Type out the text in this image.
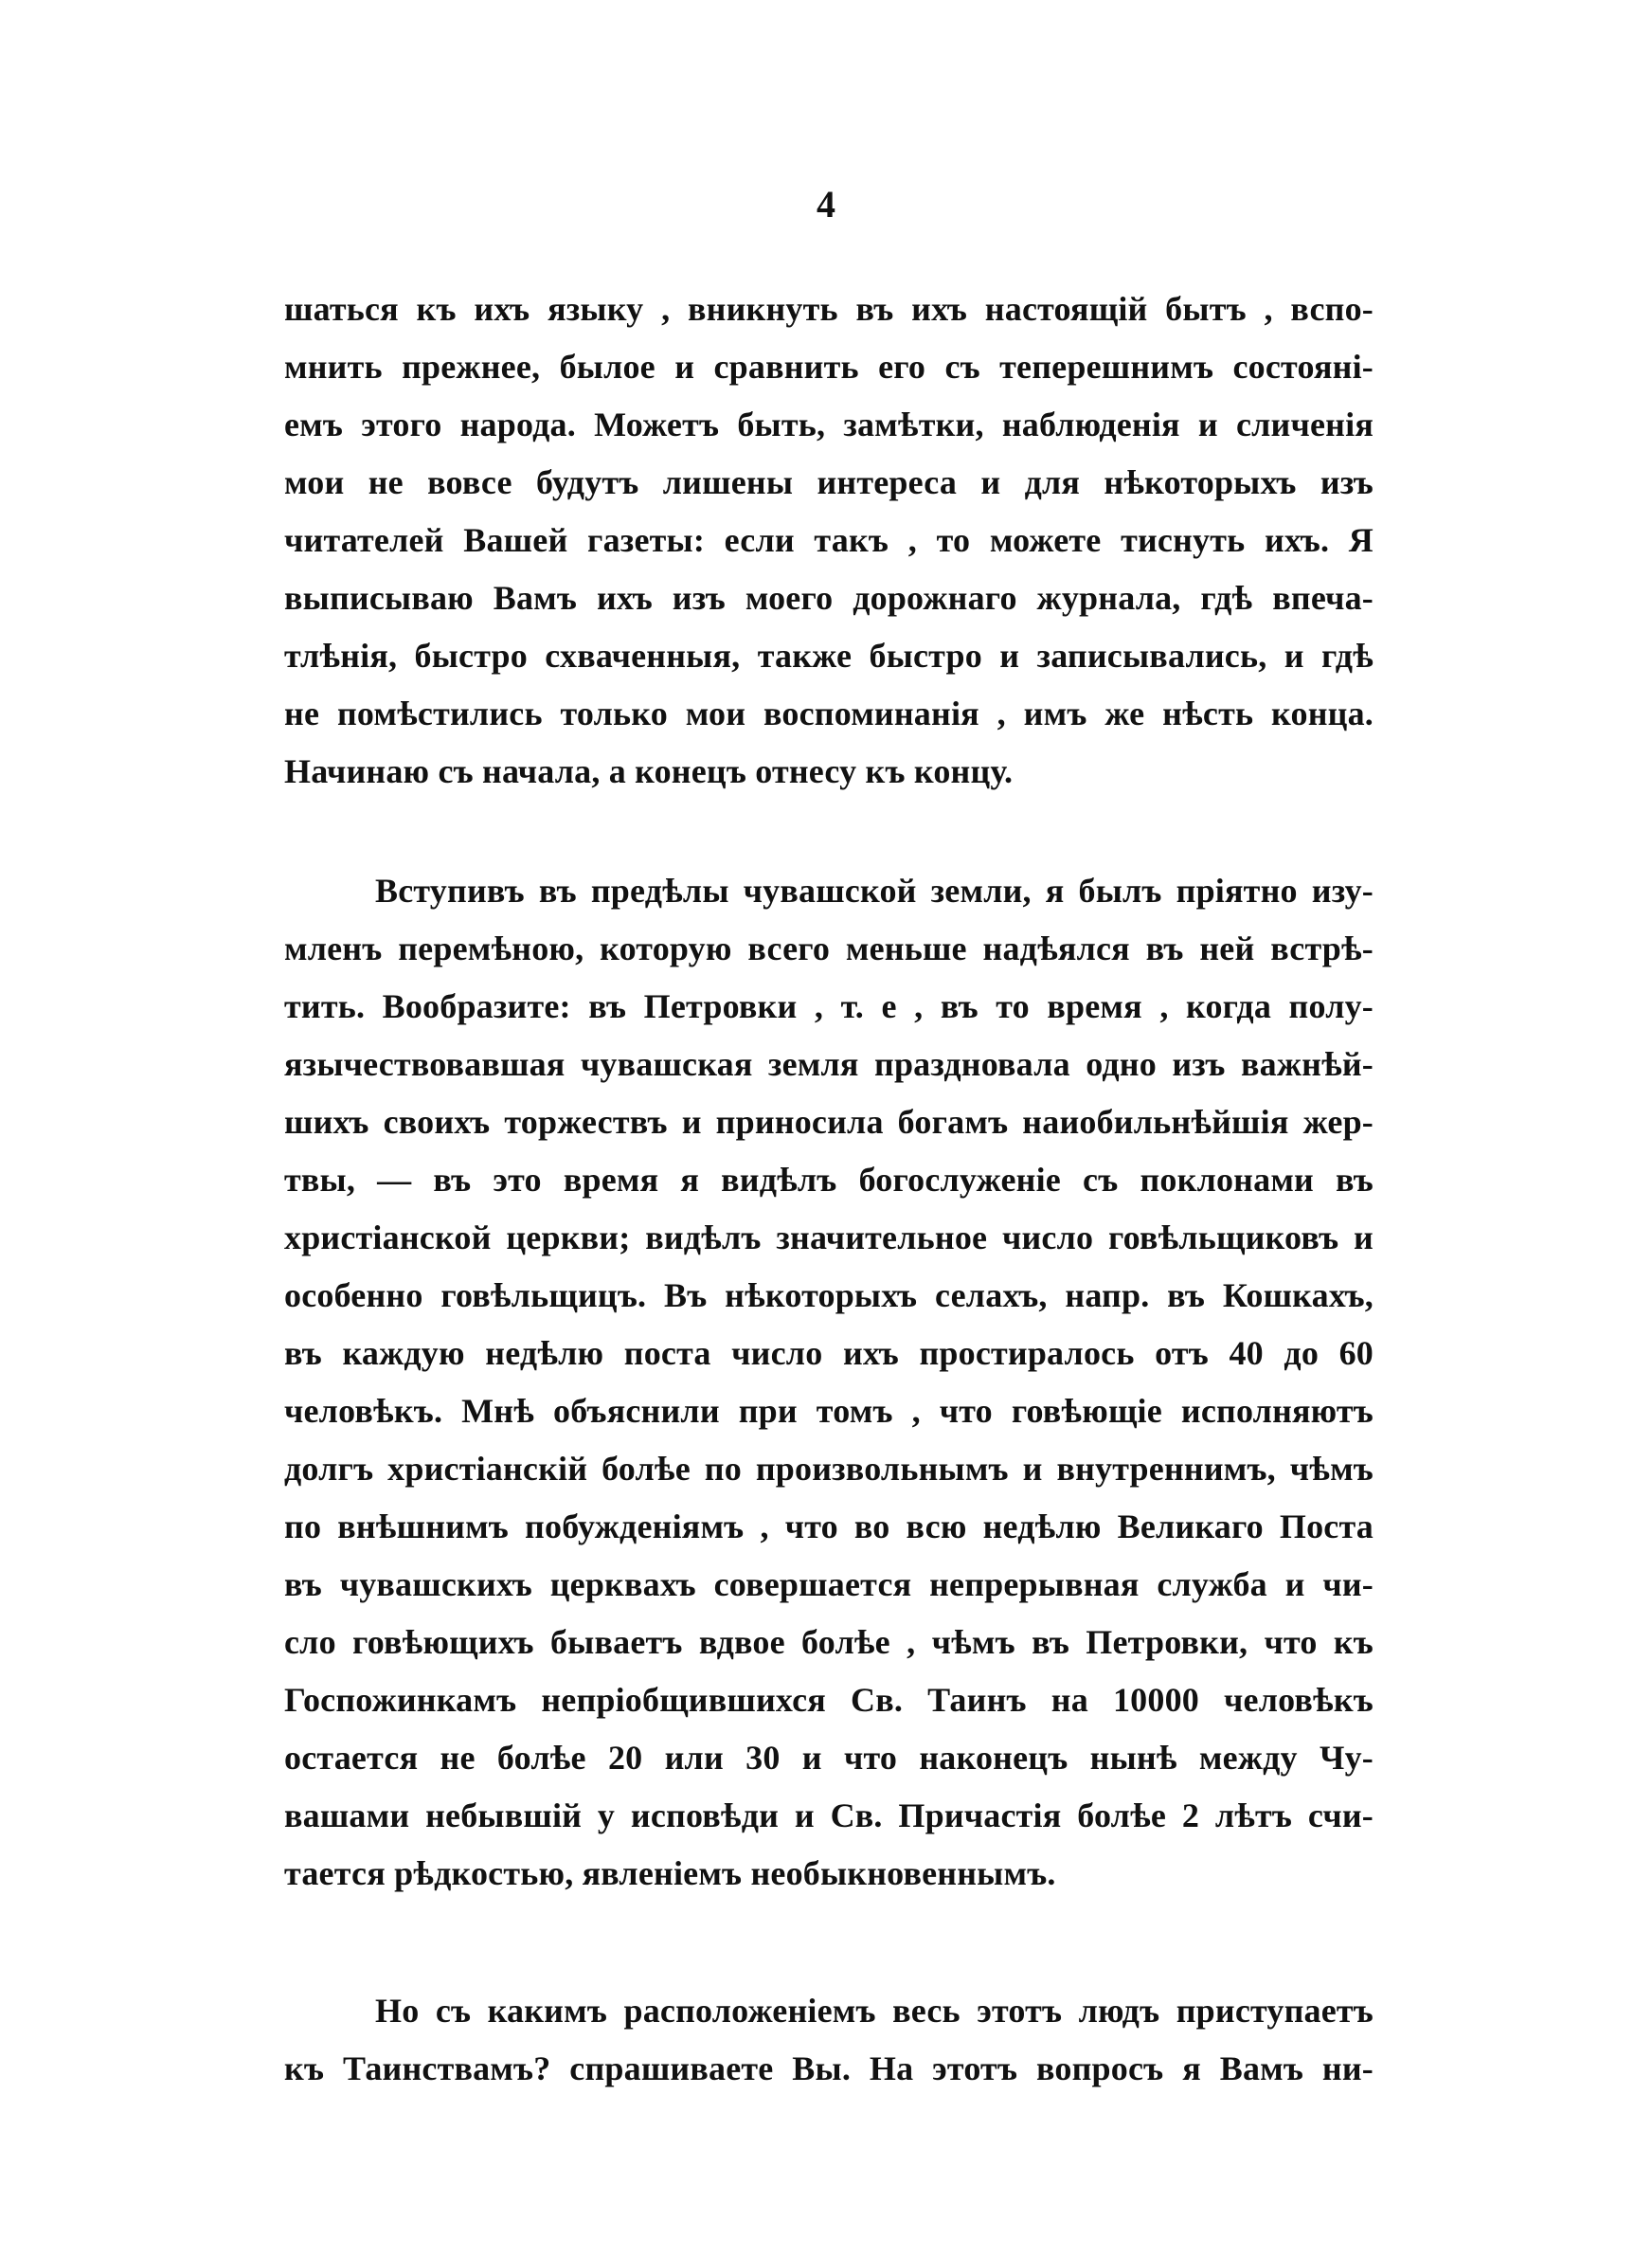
4
шаться къ ихъ языку , вникнуть въ ихъ настоящій бытъ , вспо-
мнить прежнее, былое и сравнить его съ теперешнимъ состояні-
емъ этого народа. Можетъ быть, замѣтки, наблюденія и сличенія
мои не вовсе будутъ лишены интереса и для нѣкоторыхъ изъ
читателей Вашей газеты: если такъ , то можете тиснуть ихъ. Я
выписываю Вамъ ихъ изъ моего дорожнаго журнала, гдѣ впеча-
тлѣнія, быстро схваченныя, также быстро и записывались, и гдѣ
не помѣстились только мои воспоминанія , имъ же нѣсть конца.
Начинаю съ начала, а конецъ отнесу къ концу.
Вступивъ въ предѣлы чувашской земли, я былъ пріятно изу-
мленъ перемѣною, которую всего меньше надѣялся въ ней встрѣ-
тить. Вообразите: въ Петровки , т. е , въ то время , когда полу-
язычествовавшая чувашская земля праздновала одно изъ важнѣй-
шихъ своихъ торжествъ и приносила богамъ наиобильнѣйшія жер-
твы, — въ это время я видѣлъ богослуженіе съ поклонами въ
христіанской церкви; видѣлъ значительное число говѣльщиковъ и
особенно говѣльщицъ. Въ нѣкоторыхъ селахъ, напр. въ Кошкахъ,
въ каждую недѣлю поста число ихъ простиралось отъ 40 до 60
человѣкъ. Мнѣ объяснили при томъ , что говѣющіе исполняютъ
долгъ христіанскій болѣе по произвольнымъ и внутреннимъ, чѣмъ
по внѣшнимъ побужденіямъ , что во всю недѣлю Великаго Поста
въ чувашскихъ церквахъ совершается непрерывная служба и чи-
сло говѣющихъ бываетъ вдвое болѣе , чѣмъ въ Петровки, что къ
Госпожинкамъ непріобщившихся Св. Таинъ на 10000 человѣкъ
остается не болѣе 20 или 30 и что наконецъ нынѣ между Чу-
вашами небывшій у исповѣди и Св. Причастія болѣе 2 лѣтъ счи-
тается рѣдкостью, явленіемъ необыкновеннымъ.
Но съ какимъ расположеніемъ весь этотъ людъ приступаетъ
къ Таинствамъ? спрашиваете Вы. На этотъ вопросъ я Вамъ ни-
